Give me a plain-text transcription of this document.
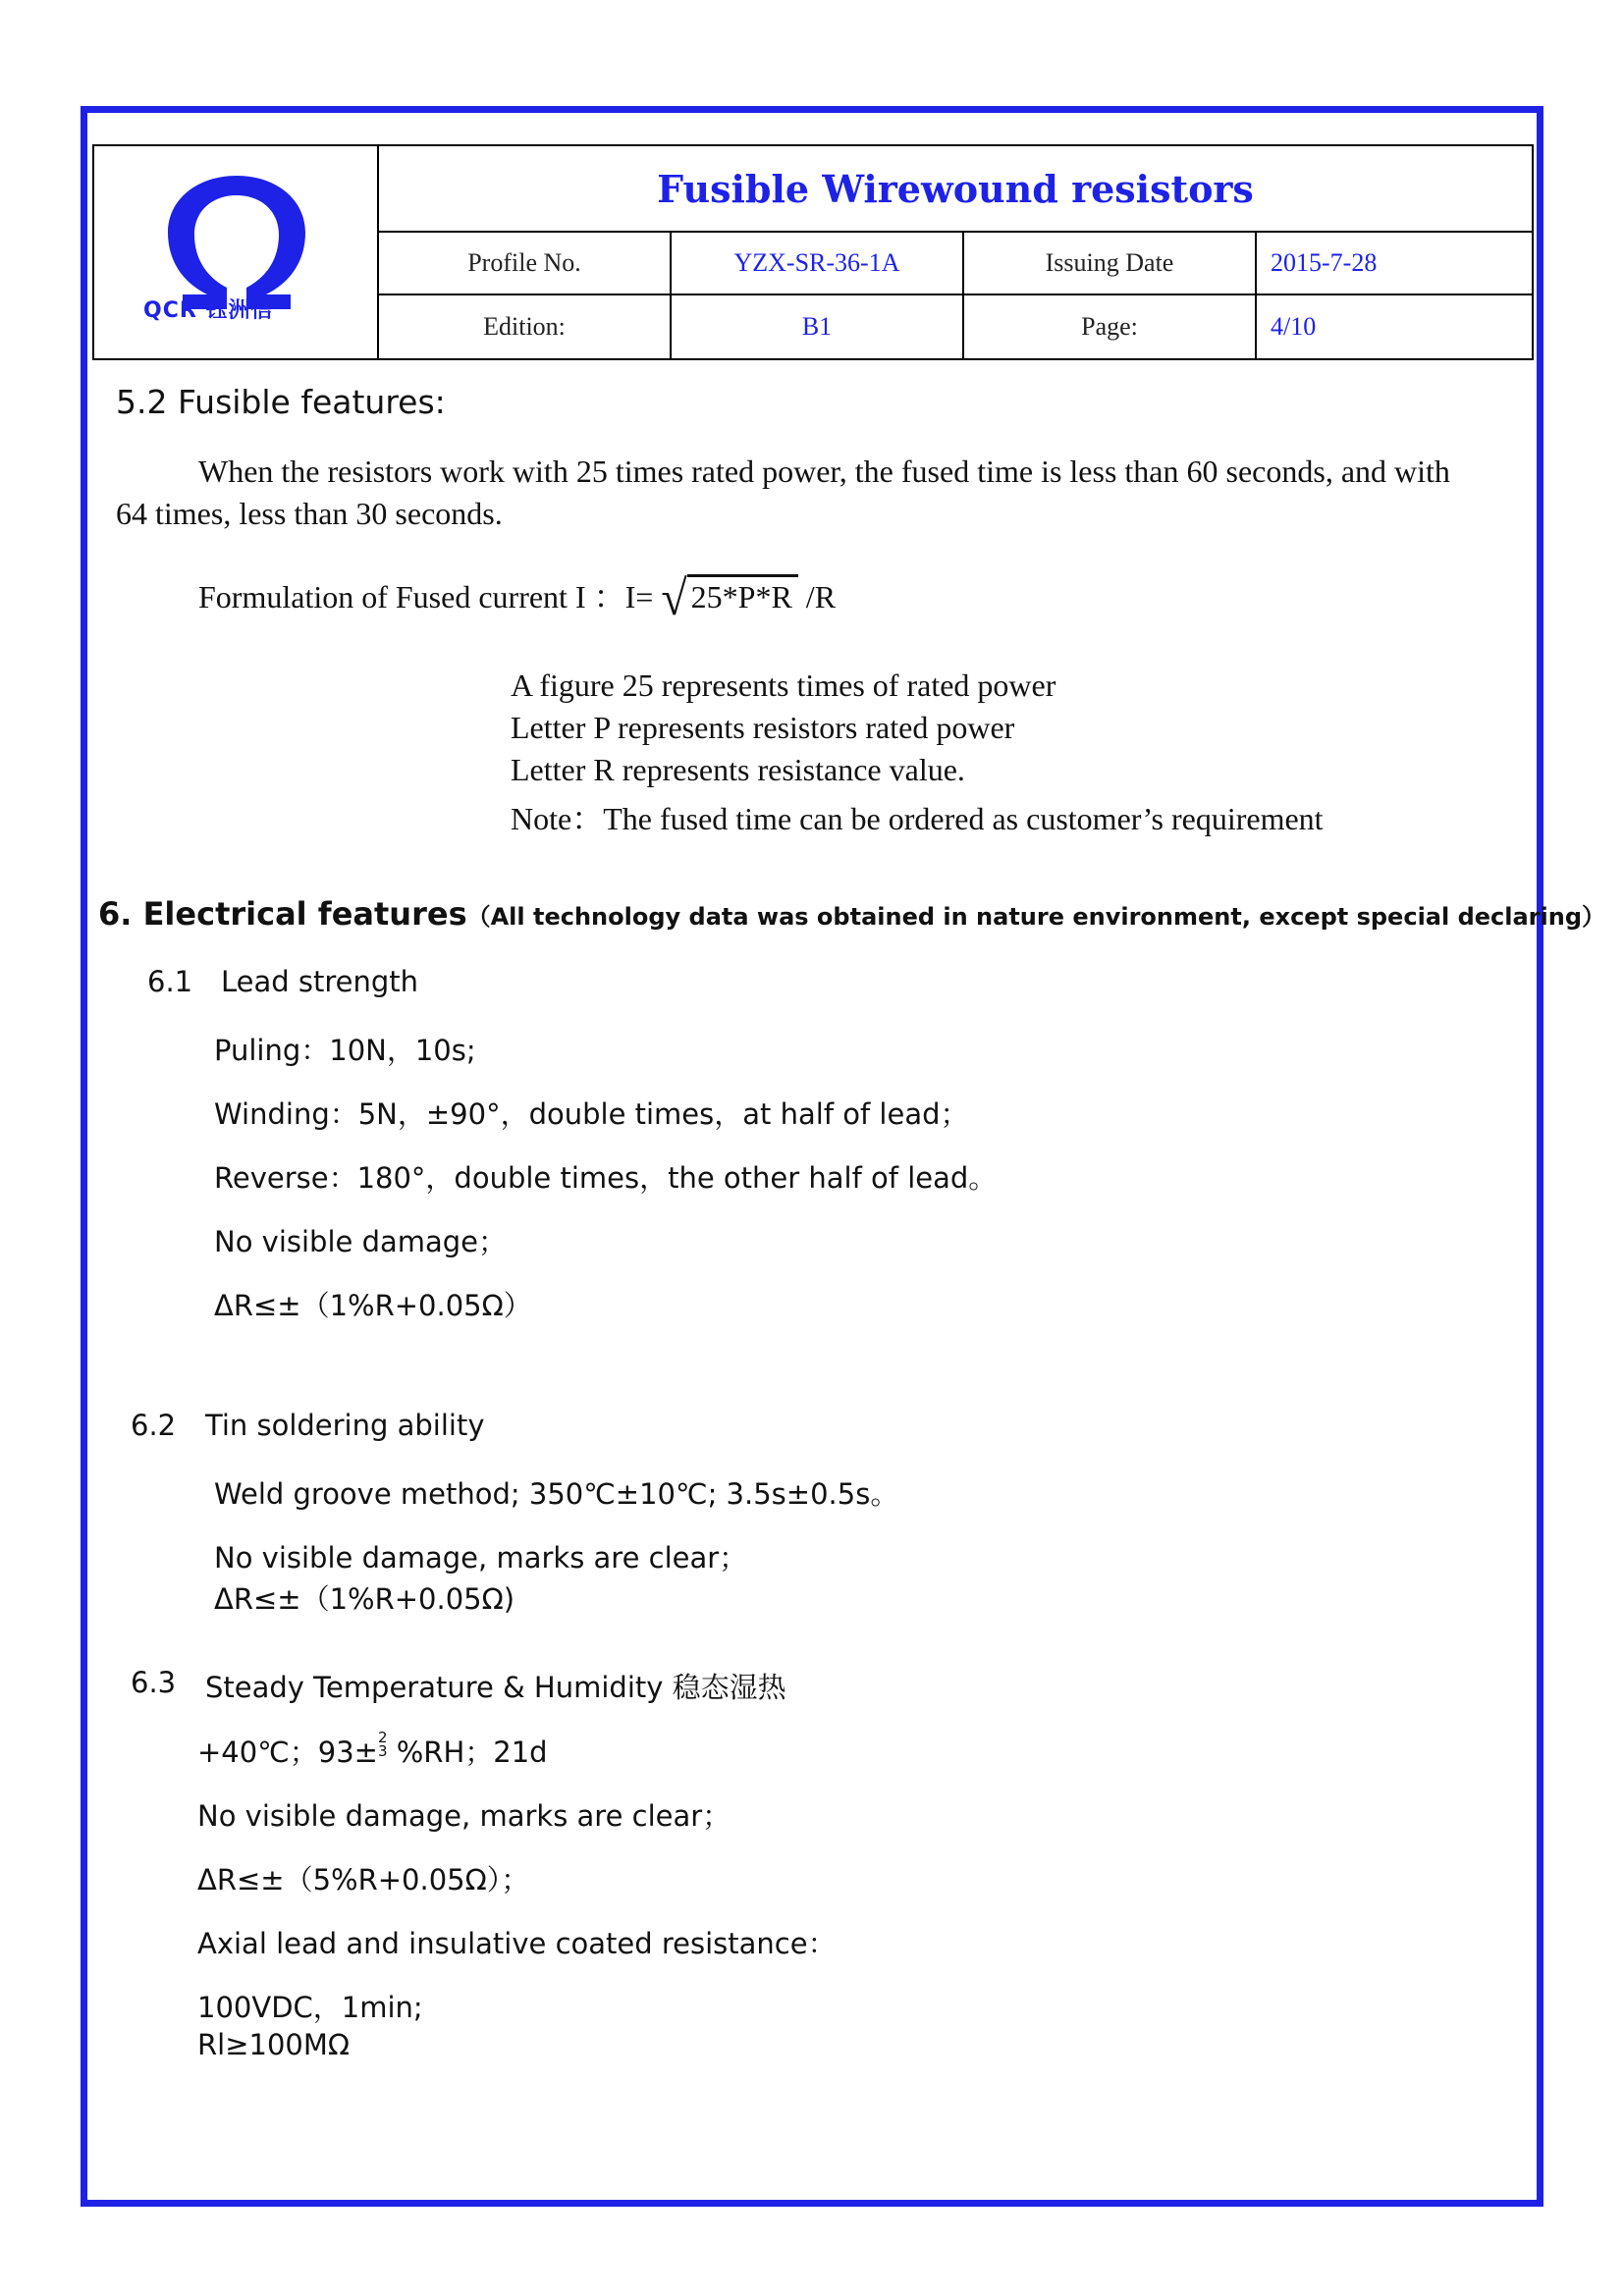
QCR 钰洲信
Fusible Wirewound resistors
Profile No.	YZX-SR-36-1A	Issuing Date	2015-7-28
Edition:	B1	Page:	4/10
5.2 Fusible features:
When the resistors work with 25 times rated power, the fused time is less than 60 seconds, and with
64 times, less than 30 seconds.
Formulation of Fused current I ：I= √ 25*P*R /R
A figure 25 represents times of rated power
Letter P represents resistors rated power
Letter R represents resistance value.
Note：The fused time can be ordered as customer’s requirement
6. Electrical features（All technology data was obtained in nature environment, except special declaring）
6.1 Lead strength
Puling：10N，10s;
Winding：5N，±90°，double times，at half of lead；
Reverse：180°，double times，the other half of lead。
No visible damage；
ΔR≤±（1%R+0.05Ω）
6.2 Tin soldering ability
Weld groove method; 350℃±10℃; 3.5s±0.5s。
No visible damage, marks are clear；
ΔR≤±（1%R+0.05Ω)
6.3 Steady Temperature & Humidity 稳态湿热
+40℃；93±$^{2 3}$ %RH；21d
No visible damage, marks are clear；
ΔR≤±（5%R+0.05Ω）；
Axial lead and insulative coated resistance：
100VDC，1min;
Rl≥100MΩ
